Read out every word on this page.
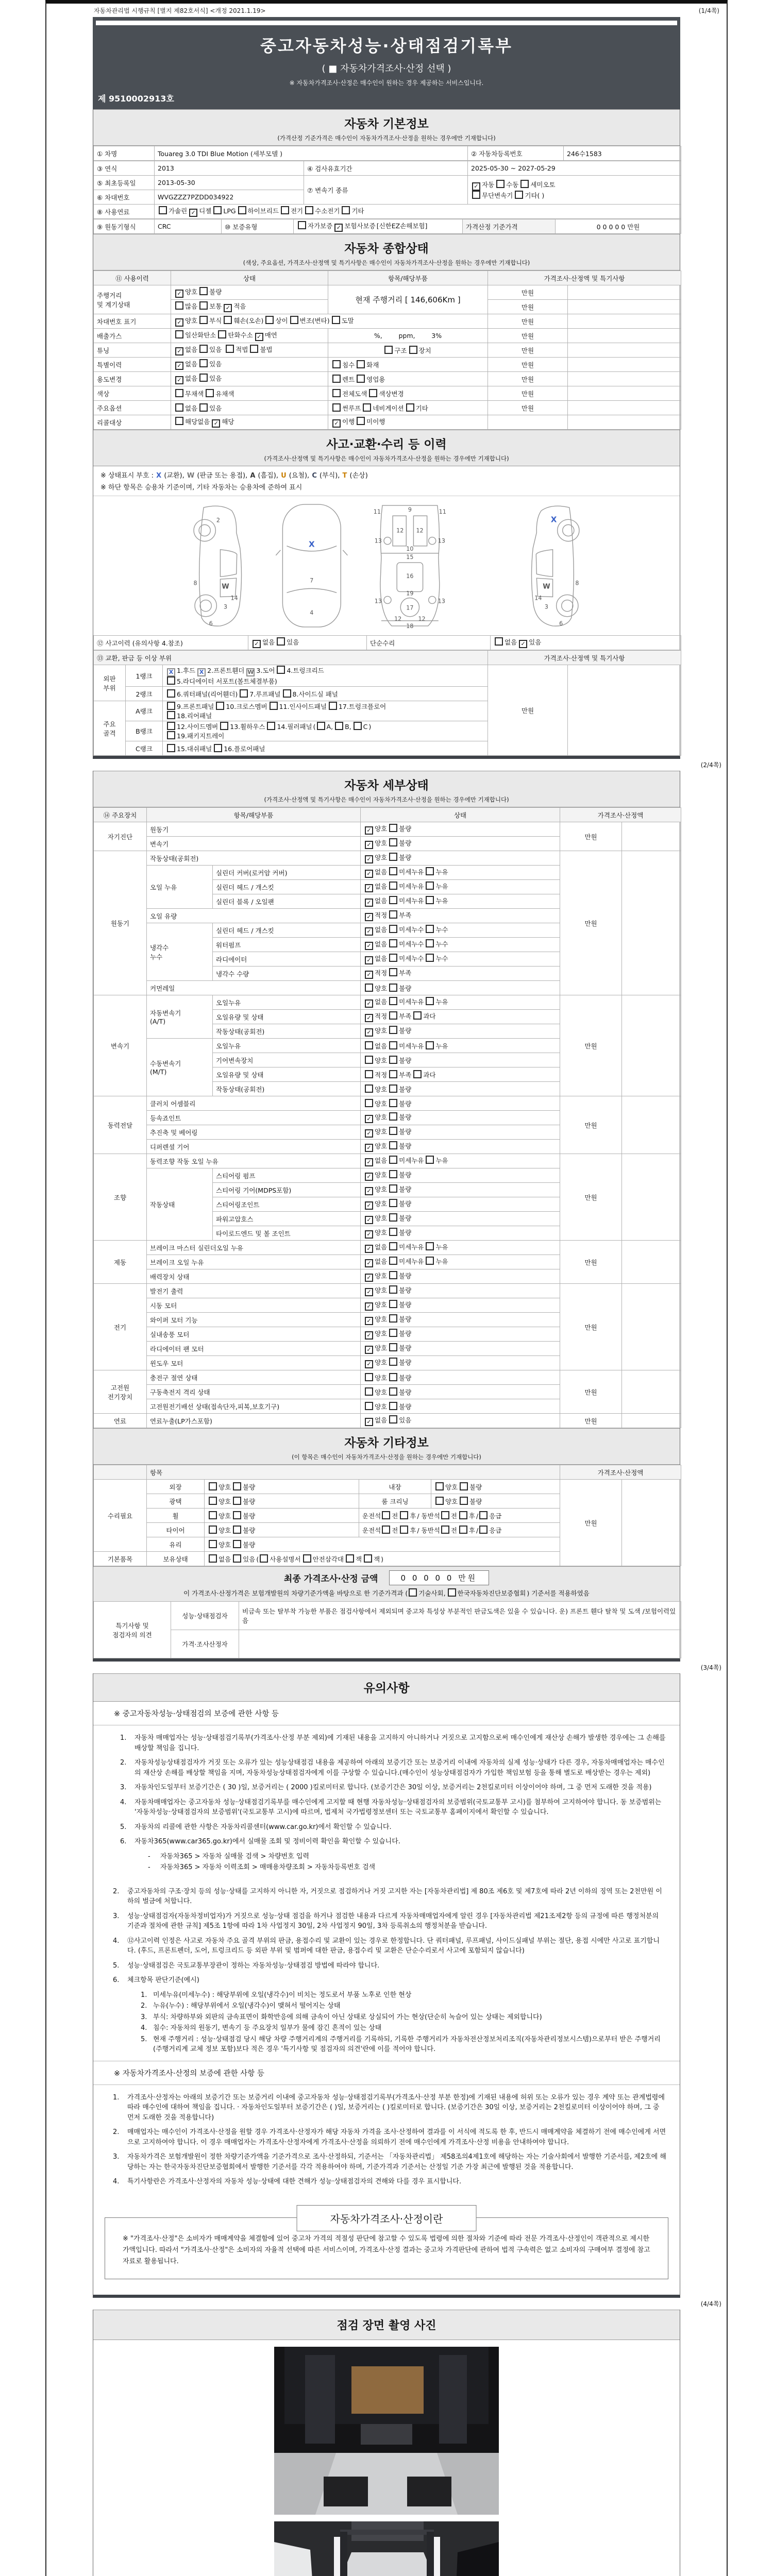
자동차관리법 시행규칙 [별지 제82호서식] <개정 2021.1.19>	(1/4쪽)
중고자동차성능·상태점검기록부
( ■ 자동차가격조사·산정 선택 )
※ 자동차가격조사·산정은 매수인이 원하는 경우 제공하는 서비스입니다.
제 9510002913호
자동차 기본정보
(가격산정 기준가격은 매수인이 자동차가격조사·산정을 원하는 경우에만 기재합니다)
① 차명	Touareg 3.0 TDI Blue Motion (세부모델 )	② 자동차등록번호	246수1583
③ 연식	2013	④ 검사유효기간	2025-05-30 ~ 2027-05-29
⑤ 최초등록일	2013-05-30	⑦ 변속기 종류	✓ 자동 수동 세미오토
무단변속기 기타( )

⑥ 차대번호	WVGZZZ7PZDD034922		
⑧ 사용연료	가솔린 ✓ 디젤 LPG 하이브리드 전기 수소전기 기타		
⑨ 원동기형식	CRC	⑩ 보증유형	자가보증 ✓ 보험사보증 [신한EZ손해보험]	가격산정 기준가격	0 0 0 0 0 만원
자동차 종합상태
(색상, 주요옵션, 가격조사·산정액 및 특기사항은 매수인이 자동차가격조사·산정을 원하는 경우에만 기재합니다)
⑪ 사용이력	상태	항목/해당부품	가격조사·산정액 및 특기사항	
주행거리
및 계기상태	✓ 양호 불량	현재 주행거리 [ 146,606Km ]	만원	
	많음 보통 ✓ 적음		만원	
차대번호 표기	✓ 양호 부식 훼손(오손) 상이 변조(변타) 도말		만원	
배출가스	일산화탄소 탄화수소 ✓ 매연	%,        ppm,        3%	만원	
튜닝	✓ 없음 있음 적법 불법	구조 장치	만원	
특별이력	✓ 없음 있음	침수 화재	만원	
용도변경	✓ 없음 있음	렌트 영업용	만원	
색상	무채색 유채색	전체도색 색상변경	만원	
주요옵션	없음 있음	썬루프 네비게이션 기타	만원	
리콜대상	해당없음 ✓ 해당	✓ 이행 미이행		
사고·교환·수리 등 이력
(가격조사·산정액 및 특기사항은 매수인이 자동차가격조사·산정을 원하는 경우에만 기재합니다)
※ 상태표시 부호 : X (교환), W (판금 또는 용접), A (흠집), U (요철), C (부식), T (손상)
※ 하단 항목은 승용차 기준이며, 기타 자동차는 승용차에 준하여 표시
2
8	W
14
3
6
X
7
4
11	11
9
13	13
12 12
10
15
16
19
13	13
12	12
17
18
X
W
14
3
6
8
⑫ 사고이력 (유의사항 4.참조)	✓ 없음 있음	단순수리	없음 ✓ 있음
⑬ 교환, 판금 등 이상 부위			가격조사·산정액 및 특기사항	
외판
부위	1랭크	X 1.후드 X 2.프론트휀더 W 3.도어 4.트렁크리드
5.라디에이터 서포트(볼트체결부품)	만원	
	2랭크	6.쿼터패널(리어휀더) 7.루프패널 8.사이드실 패널		
주요
골격	A랭크	9.프론트패널 10.크로스멤버 11.인사이드패널 17.트렁크플로어
18.리어패널		
	B랭크	12.사이드멤버 13.휠하우스 14.필러패널 ( A, B, C )
19.패키지트레이		
	C랭크	15.대쉬패널 16.플로어패널		
(2/4쪽)
자동차 세부상태
(가격조사·산정액 및 특기사항은 매수인이 자동차가격조사·산정을 원하는 경우에만 기재합니다)
⑭ 주요장치	항목/해당부품		상태	가격조사·산정액	
자기진단	원동기		✓ 양호 불량	만원	
	변속기		✓ 양호 불량		
원동기	작동상태(공회전)		✓ 양호 불량	만원	
	오일 누유	실린더 커버(로커암 커버)	✓ 없음 미세누유 누유		
		실린더 헤드 / 개스킷	✓ 없음 미세누유 누유		
		실린더 블록 / 오일팬	✓ 없음 미세누유 누유		
	오일 유량		✓ 적정 부족		
	냉각수
누수	실린더 헤드 / 개스킷	✓ 없음 미세누수 누수		
		워터펌프	✓ 없음 미세누수 누수		
		라디에이터	✓ 없음 미세누수 누수		
		냉각수 수량	✓ 적정 부족		
	커먼레일		양호 불량		
변속기	자동변속기
(A/T)	오일누유	✓ 없음 미세누유 누유	만원	
		오일유량 및 상태	✓ 적정 부족 과다		
		작동상태(공회전)	✓ 양호 불량		
	수동변속기
(M/T)	오일누유	없음 미세누유 누유		
		기어변속장치	양호 불량		
		오일유량 및 상태	적정 부족 과다		
		작동상태(공회전)	양호 불량		
동력전달	클러치 어셈블리		양호 불량	만원	
	등속죠인트		✓ 양호 불량		
	추진축 및 베어링		✓ 양호 불량		
	디퍼렌셜 기어		✓ 양호 불량		
조향	동력조향 작동 오일 누유		✓ 없음 미세누유 누유	만원	
	작동상태	스티어링 펌프	✓ 양호 불량		
		스티어링 기어(MDPS포함)	✓ 양호 불량		
		스티어링조인트	✓ 양호 불량		
		파워고압호스	✓ 양호 불량		
		타이로드엔드 및 볼 조인트	✓ 양호 불량		
제동	브레이크 마스터 실린더오일 누유		✓ 없음 미세누유 누유	만원	
	브레이크 오일 누유		✓ 없음 미세누유 누유		
	배력장치 상태		✓ 양호 불량		
전기	발전기 출력		✓ 양호 불량	만원	
	시동 모터		✓ 양호 불량		
	와이퍼 모터 기능		✓ 양호 불량		
	실내송풍 모터		✓ 양호 불량		
	라디에이터 팬 모터		✓ 양호 불량		
	윈도우 모터		✓ 양호 불량		
고전원
전기장치	충전구 절연 상태		양호 불량	만원	
	구동축전지 격리 상태		양호 불량		
	고전원전기배선 상태(접속단자,피복,보호기구)		양호 불량		
연료	연료누출(LP가스포함)		✓ 없음 있음	만원	
자동차 기타정보
(이 항목은 매수인이 자동차가격조사·산정을 원하는 경우에만 기재합니다)
	항목				가격조사·산정액	
수리필요	외장	양호 불량	내장	양호 불량	만원	
	광택	양호 불량	룸 크리닝	양호 불량		
	휠	양호 불량	운전석 전 후 / 동반석 전 후 / 응급			
	타이어	양호 불량	운전석 전 후 / 동반석 전 후 / 응급			
	유리	양호 불량				
기본품목	보유상태	없음 있음 ( 사용설명서 안전삼각대 잭 잭 )				
최종 가격조사·산정 금액	0 0 0 0 0 만원
이 가격조사·산정가격은 보험개발원의 차량기준가액을 바탕으로 한 기준가격과 ( 기술사회, 한국자동차진단보증협회 ) 기준서를 적용하였음
특기사항 및
점검자의 의견	성능·상태점검자	비금속 또는 탈부착 가능한 부품은 점검사항에서 제외되며 중고차 특성상 부분적인 판금도색은 있을 수 있습니다. 운) 프론트 휀다 탈착 및 도색 /보험이력있음
	가격·조사산정자	
(3/4쪽)
유의사항
※ 중고자동차성능·상태점검의 보증에 관한 사항 등
1.	자동차 매매업자는 성능·상태점검기록부(가격조사·산정 부분 제외)에 기재된 내용을 고지하지 아니하거나 거짓으로 고지함으로써 매수인에게 재산상 손해가 발생한 경우에는 그 손해를 배상할 책임을 집니다.
2.	자동차성능상태점검자가 거짓 또는 오류가 있는 성능상태점검 내용을 제공하여 아래의 보증기간 또는 보증거리 이내에 자동차의 실제 성능·상태가 다른 경우, 자동차매매업자는 매수인의 재산상 손해를 배상할 책임을 지며, 자동차성능상태점검자에게 이를 구상할 수 있습니다.(매수인이 성능상태점검자가 가입한 책임보험 등을 통해 별도로 배상받는 경우는 제외)
3.	자동차인도일부터 보증기간은 ( 30 )일, 보증거리는 ( 2000 )킬로미터로 합니다. (보증기간은 30일 이상, 보증거리는 2천킬로미터 이상이어야 하며, 그 중 먼저 도래한 것을 적용)
4.	자동차매매업자는 중고자동차 성능·상태점검기록부를 매수인에게 고지할 때 현행 자동차성능·상태점검자의 보증범위(국토교통부 고시)를 첨부하여 고지하여야 합니다. 동 보증범위는 '자동차성능·상태점검자의 보증범위'(국토교통부 고시)에 따르며, 법제처 국가법령정보센터 또는 국토교통부 홈페이지에서 확인할 수 있습니다.
5.	자동차의 리콜에 관한 사항은 자동차리콜센터(www.car.go.kr)에서 확인할 수 있습니다.
6.	자동차365(www.car365.go.kr)에서 실매물 조회 및 정비이력 확인을 확인할 수 있습니다.
-	자동차365 > 자동차 실매물 검색 > 차량번호 입력
-	자동차365 > 자동차 이력조회 > 매매용차량조회 > 자동차등록번호 검색
2.	중고자동차의 구조·장치 등의 성능·상태를 고지하지 아니한 자, 거짓으로 점검하거나 거짓 고지한 자는 [자동차관리법] 제 80조 제6호 및 제7호에 따라 2년 이하의 징역 또는 2천만원 이하의 벌금에 처합니다.
3.	성능·상태점검자(자동차정비업자)가 거짓으로 성능·상태 점검을 하거나 점검한 내용과 다르게 자동차매매업자에게 알린 경우 [자동차관리법 제21조제2항 등의 규정에 따른 행정처분의 기준과 절차에 관한 규칙] 제5조 1항에 따라 1차 사업정지 30일, 2차 사업정지 90일, 3차 등록취소의 행정처분을 받습니다.
4.	⑫사고이력 인정은 사고로 자동차 주요 골격 부위의 판금, 용접수리 및 교환이 있는 경우로 한정합니다. 단 쿼터패널, 루프패널, 사이드실패널 부위는 절단, 용접 시에만 사고로 표기합니다. (후드, 프론트펜더, 도어, 트렁크리드 등 외판 부위 및 범퍼에 대한 판금, 용접수리 및 교환은 단순수리로서 사고에 포함되지 않습니다)
5.	성능·상태점검은 국토교통부장관이 정하는 자동차성능·상태점검 방법에 따라야 합니다.
6.	체크항목 판단기준(예시)
1. 미세누유(미세누수) : 해당부위에 오일(냉각수)이 비치는 정도로서 부품 노후로 인한 현상
2. 누유(누수) : 해당부위에서 오일(냉각수)이 맺혀서 떨어지는 상태
3. 부식: 차량하부와 외판의 금속표면이 화학반응에 의해 금속이 아닌 상태로 상실되어 가는 현상(단순히 녹슬어 있는 상태는 제외합니다)
4. 침수: 자동차의 원동기, 변속기 등 주요장치 일부가 물에 잠긴 흔적이 있는 상태
5. 현재 주행거리 : 성능·상태점검 당시 해당 차량 주행거리계의 주행거리를 기록하되, 기록한 주행거리가 자동차전산정보처리조직(자동차관리정보시스템)으로부터 받은 주행거리(주행거리계 교체 정보 포함)보다 적은 경우 '특기사항 및 점검자의 의견'란에 이를 적어야 합니다.
※ 자동차가격조사·산정의 보증에 관한 사항 등
1.	가격조사·산정자는 아래의 보증기간 또는 보증거리 이내에 중고자동차 성능·상태점검기록부(가격조사·산정 부분 한정)에 기재된 내용에 허위 또는 오류가 있는 경우 계약 또는 관계법령에 따라 매수인에 대하여 책임을 집니다. · 자동차인도일부터 보증기간은 ( )일, 보증거리는 ( )킬로미터로 합니다. (보증기간은 30일 이상, 보증거리는 2천킬로미터 이상이어야 하며, 그 중 먼저 도래한 것을 적용합니다)
2.	매매업자는 매수인이 가격조사·산정을 원할 경우 가격조사·산정자가 해당 자동차 가격을 조사·산정하여 결과를 이 서식에 적도록 한 후, 반드시 매매계약을 체결하기 전에 매수인에게 서면으로 고지하여야 합니다. 이 경우 매매업자는 가격조사·산정자에게 가격조사·산정을 의뢰하기 전에 매수인에게 가격조사·산정 비용을 안내하여야 합니다.
3.	자동차가격은 보험개발원이 정한 차량기준가액을 기준가격으로 조사·산정하되, 기준서는 「자동차관리법」 제58조의4제1호에 해당하는 자는 기술사회에서 발행한 기준서를, 제2호에 해당하는 자는 한국자동차진단보증협회에서 발행한 기준서를 각각 적용하여야 하며, 기준가격과 기준서는 산정일 기준 가장 최근에 발행된 것을 적용합니다.
4.	특기사항란은 가격조사·산정자의 자동차 성능·상태에 대한 견해가 성능·상태점검자의 견해와 다를 경우 표시합니다.
자동차가격조사·산정이란
※ "가격조사·산정"은 소비자가 매매계약을 체결함에 있어 중고차 가격의 적절성 판단에 참고할 수 있도록 법령에 의한 절차와 기준에 따라 전문 가격조사·산정인이 객관적으로 제시한 가액입니다. 따라서 "가격조사·산정"은 소비자의 자율적 선택에 따른 서비스이며, 가격조사·산정 결과는 중고차 가격판단에 관하여 법적 구속력은 없고 소비자의 구매여부 결정에 참고자료로 활용됩니다.
(4/4쪽)
점검 장면 촬영 사진
